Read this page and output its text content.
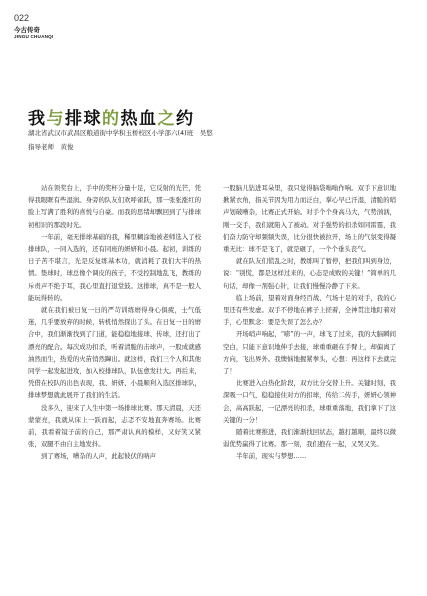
022
今古传奇
JINGU CHUANQI
我与排球的热血之约
湖北省武汉市武昌区粮道街中学积玉桥校区小学部六(4)班　 吴悠
指导老师　黄俊

站在领奖台上，手中的奖杯分量十足，它反射的光芒，凭得我眼眶有些湿润。身旁的队友们欢呼雀跃，那一张张涨红的脸上写满了胜利的喜悦与自豪。而我的思绪却飘回到了与排球初相识的那段时光。

一年前，毫无排球基础的我，稀里糊涂地被老师选入了校排球队，一同入选的，还有同班的妍妍和小晨。起初，训练的日子苦不堪言，光是反复练基本功，就消耗了我们大半的热情。垫球时，球总像个调皮的孩子，不受控制地乱飞，教练的斥责声不绝于耳，我心里直打退堂鼓。这排球，真不是一般人能玩得转的。

就在我们被日复一日的严苛训练磨得身心俱疲，士气低迷，几乎要放弃的时候，转机悄然探出了头。在日复一日的磨合中，我们渐渐找到了门道，能稳稳地接球、传球，还打出了漂亮的配合。每次成功扣杀，听着清脆的击球声，一股成就感油然而生，热爱的火苗悄然蹿出。就这样，我们三个人和其他同学一起发起进攻，加入校排球队，队伍愈发壮大。再后来，凭借在校队的出色表现，我、妍妍、小晨顺利入选区排球队，排球梦想就此展开了我们的生活。

没多久，迎来了人生中第一场排球比赛。那天清晨，天还蒙蒙亮，我就从床上一跃而起，忐忑不安地直奔赛场。比赛前，我看着镜子前的自己，那严肃认真的模样，又好笑又紧张，双腿不由自主地发抖。

到了赛场，嘈杂的人声，此起彼伏的呐声

一股脑儿钻进耳朵里，我只觉得脑袋嗡嗡作响。双手下意识地揪紧衣角，指关节因为用力而泛白，掌心早已汗湿，清脆的哨声划破嘈杂，比赛正式开始。对手个个身高马大，气势汹汹，刚一交手，我们就陷入了被动。对手强势的扣杀如同雷霆，我们奋力防守却频频失误，比分很快被拉开，场上的气氛变得凝重无比：球不是飞了，就是砸了，一个个垂头丧气。

就在队友们慌乱之时，教练叫了暂停，把我们叫到身边，说：“别慌，都是这样过来的，心态是成败的关键！”简单的几句话，却像一剂强心针，让我们慢慢冷静了下来。

临上场前，望着对面身经百战、气场十足的对手，我的心里还有些发虚。双手不停地在裤子上搓着，全神贯注地盯着对手，心里默念：要是失误了怎么办？

开场哨声响起，“嘭”的一声，球飞了过来，我的大脑瞬间空白，只能下意识地伸手去接，球重重砸在手臂上，却偏离了方向，飞出界外。我懊恼地握紧拳头，心想：再这样下去就完了！

比赛进入白热化阶段，双方比分交替上升。关键时刻，我深吸一口气，稳稳接住对方的扣球，传给二传手，妍妍心领神会，高高跃起，一记漂亮的扣杀，球重重落地，我们拿下了这关键的一分！

随着比赛推进，我们渐渐找回状态，越打越顺，最终以微弱优势赢得了比赛。那一刻，我们抱在一起，又哭又笑。

半年前，现实与梦想……
